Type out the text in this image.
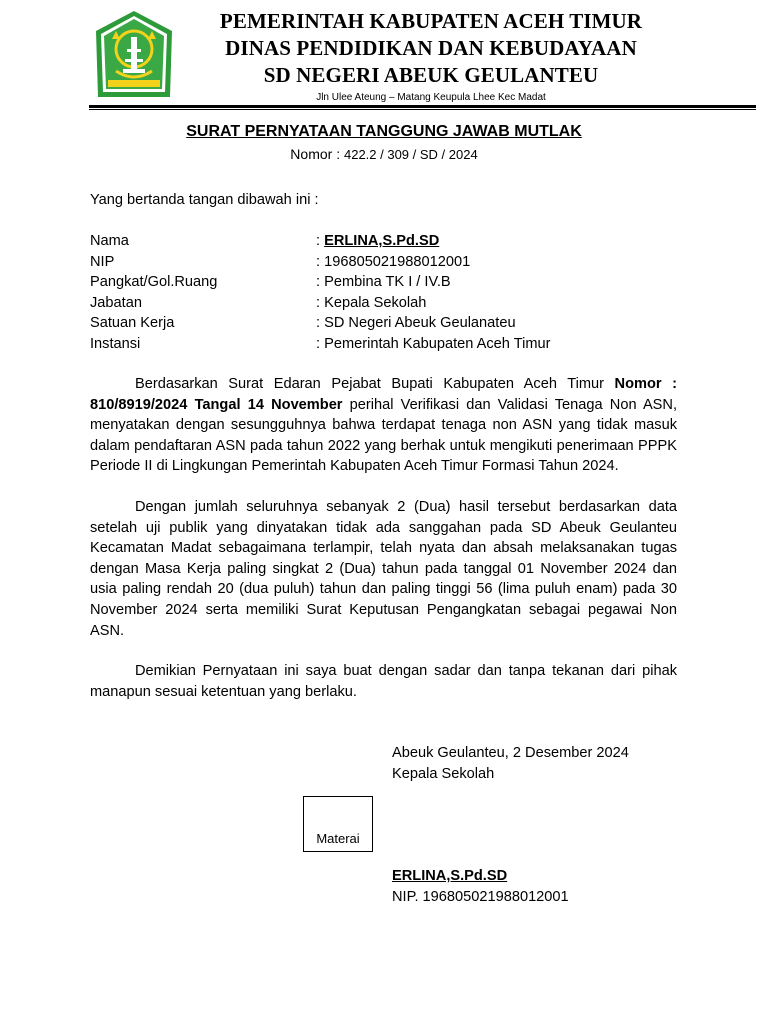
PEMERINTAH KABUPATEN ACEH TIMUR
DINAS PENDIDIKAN DAN KEBUDAYAAN
SD NEGERI ABEUK GEULANTEU
Jln Ulee Ateung – Matang Keupula Lhee Kec Madat
SURAT PERNYATAAN TANGGUNG JAWAB MUTLAK
Nomor : 422.2 / 309 / SD / 2024
Yang bertanda tangan dibawah ini :
Nama	: ERLINA,S.Pd.SD
NIP	: 196805021988012001
Pangkat/Gol.Ruang	: Pembina TK I / IV.B
Jabatan	: Kepala Sekolah
Satuan Kerja	: SD Negeri Abeuk Geulanateu
Instansi	: Pemerintah Kabupaten Aceh Timur

Berdasarkan Surat Edaran Pejabat Bupati Kabupaten Aceh Timur Nomor : 810/8919/2024 Tangal 14 November perihal Verifikasi dan Validasi Tenaga Non ASN, menyatakan dengan sesungguhnya bahwa terdapat tenaga non ASN yang tidak masuk dalam pendaftaran ASN pada tahun 2022 yang berhak untuk mengikuti penerimaan PPPK Periode II di Lingkungan Pemerintah Kabupaten Aceh Timur Formasi Tahun 2024.

Dengan jumlah seluruhnya sebanyak 2 (Dua) hasil tersebut berdasarkan data setelah uji publik yang dinyatakan tidak ada sanggahan pada SD Abeuk Geulanteu Kecamatan Madat sebagaimana terlampir, telah nyata dan absah melaksanakan tugas dengan Masa Kerja paling singkat 2 (Dua) tahun pada tanggal 01 November 2024 dan usia paling rendah 20 (dua puluh) tahun dan paling tinggi 56 (lima puluh enam) pada 30 November 2024 serta memiliki Surat Keputusan Pengangkatan sebagai pegawai Non ASN.

Demikian Pernyataan ini saya buat dengan sadar dan tanpa tekanan dari pihak manapun sesuai ketentuan yang berlaku.

Abeuk Geulanteu, 2 Desember 2024
Kepala Sekolah
Materai
ERLINA,S.Pd.SD
NIP. 196805021988012001
